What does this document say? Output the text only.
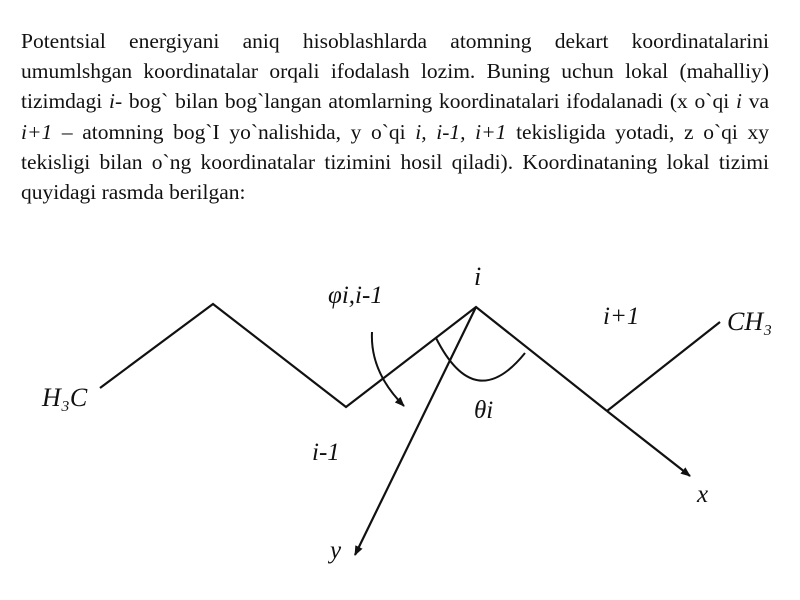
Potentsial energiyani aniq hisoblashlarda atomning dekart koordinatalarini umumlshgan koordinatalar orqali ifodalash lozim. Buning uchun lokal (mahalliy) tizimdagi i- bog` bilan bog`langan atomlarning koordinatalari ifodalanadi (x o`qi i va i+1 – atomning bog`I yo`nalishida, y o`qi i, i-1, i+1 tekisligida yotadi, z o`qi xy tekisligi bilan o`ng koordinatalar tizimini hosil qiladi). Koordinataning lokal tizimi quyidagi rasmda berilgan:

H₃C
CH₃
i
i+1
i-1
φi,i-1
θi
x
y
